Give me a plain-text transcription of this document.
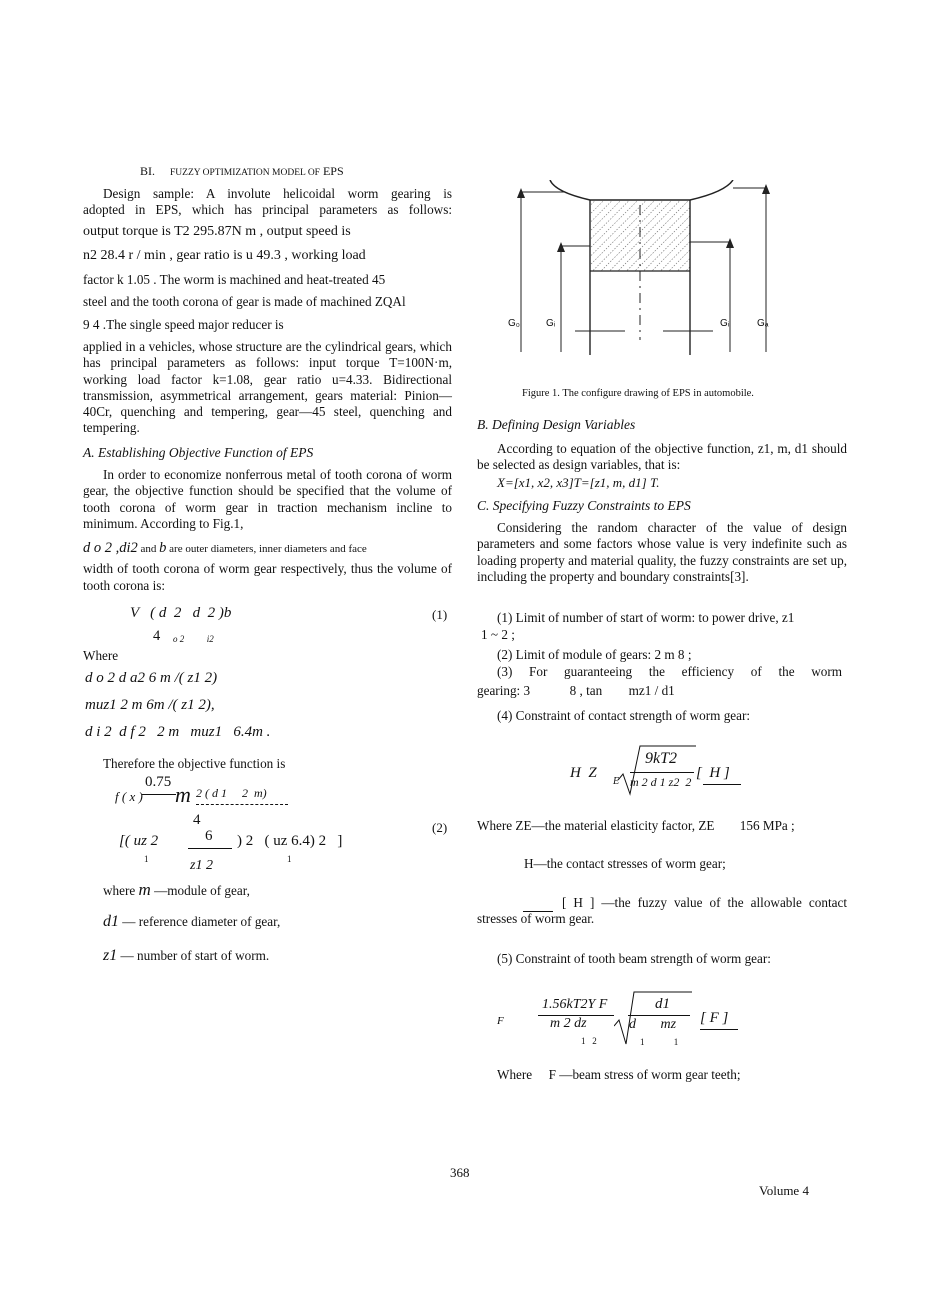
BI. FUZZY OPTIMIZATION MODEL OF EPS

Design sample: A involute helicoidal worm gearing is

adopted in EPS, which has principal parameters as follows:

output torque is T2 295.87N m , output speed is

n2 28.4 r / min , gear ratio is u 49.3 , working load

factor k 1.05 . The worm is machined and heat-treated 45

steel and the tooth corona of gear is made of machined ZQAl

9 4 .The single speed major reducer is

applied in a vehicles, whose structure are the cylindrical gears, which has principal parameters as follows: input torque T=100N·m, working load factor k=1.08, gear ratio u=4.33. Bidirectional transmission, asymmetrical arrangement, gears material: Pinion—40Cr, quenching and tempering, gear—45 steel, quenching and tempering.
A. Establishing Objective Function of EPS
In order to economize nonferrous metal of tooth corona of worm gear, the objective function should be specified that the volume of tooth corona of worm gear in traction mechanism incline to minimum. According to Fig.1,
d o 2 ,di2 and b are outer diameters, inner diameters and face
width of tooth corona of worm gear respectively, thus the volume of tooth corona is:
V   ( d  2   d  2 )b
4 o 2          i2
(1)
Where
d o 2 d a2 6 m /( z1 2)
muz1 2 m 6m /( z1 2),
d i 2  d f 2   2 m   muz1   6.4m .
Therefore the objective function is
f ( x )
0.75 m 2 ( d 1     2  m)
4
[( uz 2	6 ) 2   ( uz 6.4) 2   ]
1	z1 2	1
(2)
where m —module of gear,
d1 — reference diameter of gear,
z1 — number of start of worm.
G₀	Gᵢ	Gᵢ	Gₐ
Figure 1. The configure drawing of EPS in automobile.
B. Defining Design Variables
According to equation of the objective function, z1, m, d1 should be selected as design variables, that is:
X=[x1, x2, x3]T=[z1, m, d1] T.
C. Specifying Fuzzy Constraints to EPS
Considering the random character of the value of design parameters and some factors whose value is very indefinite such as loading property and material quality, the fuzzy constraints are set up, including the property and boundary constraints[3].
(1) Limit of number of start of worm: to power drive, z1
1 ~ 2 ;
(2) Limit of module of gears: 2 m 8 ;
(3) For guaranteeing the efficiency of the worm
gearing: 3            8 , tan        mz1 / d1
(4) Constraint of contact strength of worm gear:
H  Z
E
9kT2
m 2 d 1 z2  2
[  H ]
Where ZE—the material elasticity factor, ZE 156 MPa ;
H—the contact stresses of worm gear;
[ H ] —the fuzzy value of the allowable contact stresses of worm gear.
(5) Constraint of tooth beam strength of worm gear:
F
1.56kT2Y F
m 2 dz
1   2
d1
d       mz
1             1
[ F ]
Where     F —beam stress of worm gear teeth;
368
Volume 4
